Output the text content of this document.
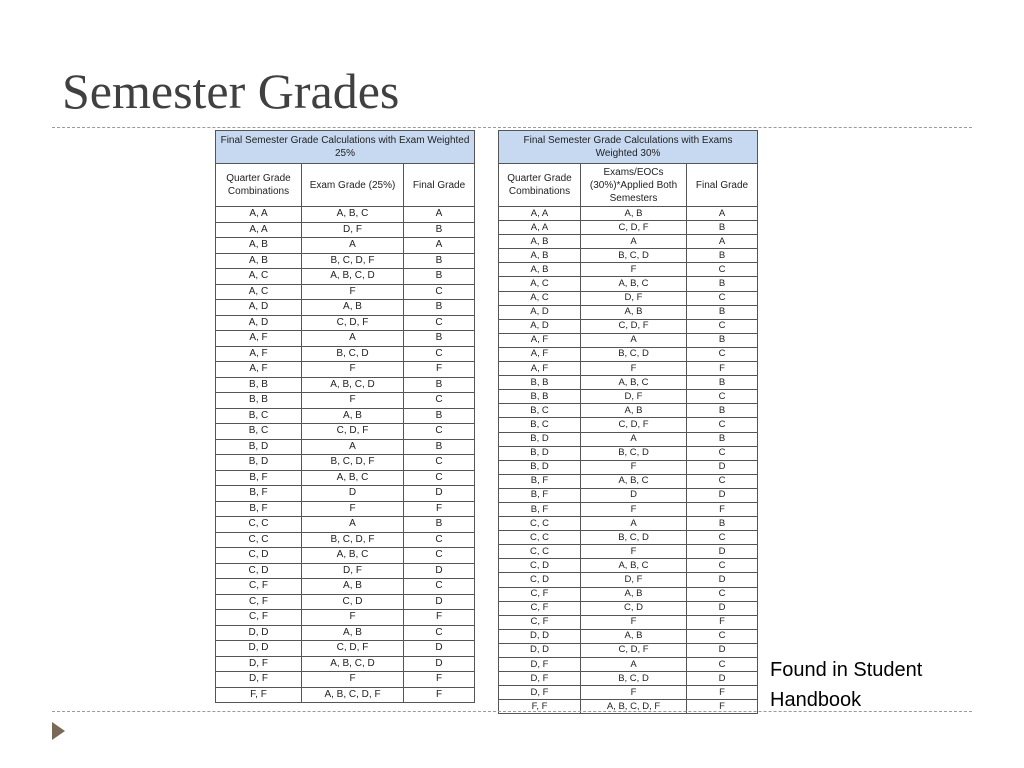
Semester Grades
Final Semester Grade Calculations with Exam Weighted 25%		
Quarter Grade Combinations	Exam Grade (25%)	Final Grade
A, A	A, B, C	A
A, A	D, F	B
A, B	A	A
A, B	B, C, D, F	B
A, C	A, B, C, D	B
A, C	F	C
A, D	A, B	B
A, D	C, D, F	C
A, F	A	B
A, F	B, C, D	C
A, F	F	F
B, B	A, B, C, D	B
B, B	F	C
B, C	A, B	B
B, C	C, D, F	C
B, D	A	B
B, D	B, C, D, F	C
B, F	A, B, C	C
B, F	D	D
B, F	F	F
C, C	A	B
C, C	B, C, D, F	C
C, D	A, B, C	C
C, D	D, F	D
C, F	A, B	C
C, F	C, D	D
C, F	F	F
D, D	A, B	C
D, D	C, D, F	D
D, F	A, B, C, D	D
D, F	F	F
F, F	A, B, C, D, F	F
Final Semester Grade Calculations with Exams Weighted 30%		
Quarter Grade Combinations	Exams/EOCs (30%)*Applied Both Semesters	Final Grade
A, A	A, B	A
A, A	C, D, F	B
A, B	A	A
A, B	B, C, D	B
A, B	F	C
A, C	A, B, C	B
A, C	D, F	C
A, D	A, B	B
A, D	C, D, F	C
A, F	A	B
A, F	B, C, D	C
A, F	F	F
B, B	A, B, C	B
B, B	D, F	C
B, C	A, B	B
B, C	C, D, F	C
B, D	A	B
B, D	B, C, D	C
B, D	F	D
B, F	A, B, C	C
B, F	D	D
B, F	F	F
C, C	A	B
C, C	B, C, D	C
C, C	F	D
C, D	A, B, C	C
C, D	D, F	D
C, F	A, B	C
C, F	C, D	D
C, F	F	F
D, D	A, B	C
D, D	C, D, F	D
D, F	A	C
D, F	B, C, D	D
D, F	F	F
F, F	A, B, C, D, F	F
Found in Student Handbook
